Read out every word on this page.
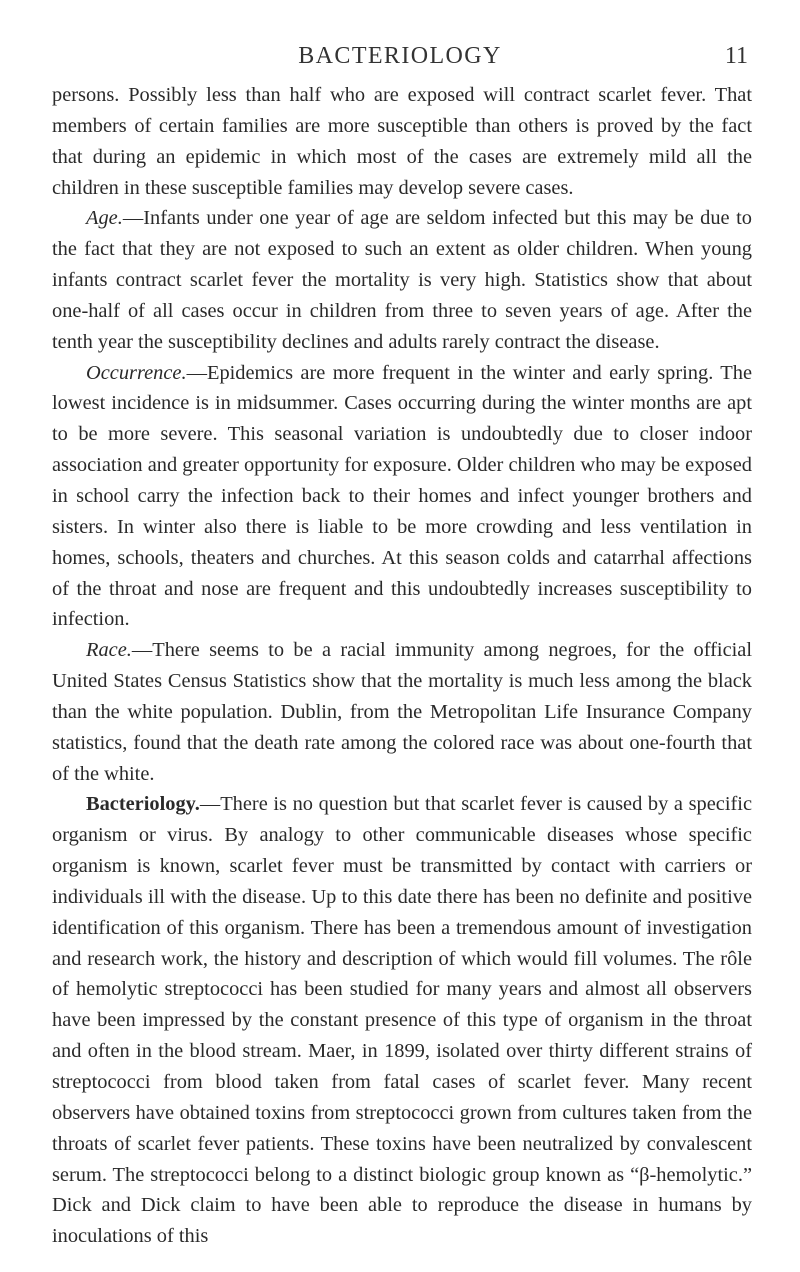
BACTERIOLOGY	11

persons. Possibly less than half who are exposed will contract scarlet fever. That members of certain families are more susceptible than others is proved by the fact that during an epidemic in which most of the cases are extremely mild all the children in these susceptible families may develop severe cases.

Age.—Infants under one year of age are seldom infected but this may be due to the fact that they are not exposed to such an extent as older children. When young infants contract scarlet fever the mortality is very high. Statistics show that about one-half of all cases occur in children from three to seven years of age. After the tenth year the susceptibility declines and adults rarely contract the disease.

Occurrence.—Epidemics are more frequent in the winter and early spring. The lowest incidence is in midsummer. Cases occurring during the winter months are apt to be more severe. This seasonal variation is undoubtedly due to closer indoor association and greater opportunity for exposure. Older children who may be exposed in school carry the infection back to their homes and infect younger brothers and sisters. In winter also there is liable to be more crowding and less ventilation in homes, schools, theaters and churches. At this season colds and catarrhal affections of the throat and nose are frequent and this undoubtedly increases susceptibility to infection.

Race.—There seems to be a racial immunity among negroes, for the official United States Census Statistics show that the mortality is much less among the black than the white population. Dublin, from the Metropolitan Life Insurance Company statistics, found that the death rate among the colored race was about one-fourth that of the white.

Bacteriology.—There is no question but that scarlet fever is caused by a specific organism or virus. By analogy to other communicable diseases whose specific organism is known, scarlet fever must be transmitted by contact with carriers or individuals ill with the disease. Up to this date there has been no definite and positive identification of this organism. There has been a tremendous amount of investigation and research work, the history and description of which would fill volumes. The rôle of hemolytic streptococci has been studied for many years and almost all observers have been impressed by the constant presence of this type of organism in the throat and often in the blood stream. Maer, in 1899, isolated over thirty different strains of streptococci from blood taken from fatal cases of scarlet fever. Many recent observers have obtained toxins from streptococci grown from cultures taken from the throats of scarlet fever patients. These toxins have been neutralized by convalescent serum. The streptococci belong to a distinct biologic group known as “β-hemolytic.” Dick and Dick claim to have been able to reproduce the disease in humans by inoculations of this
